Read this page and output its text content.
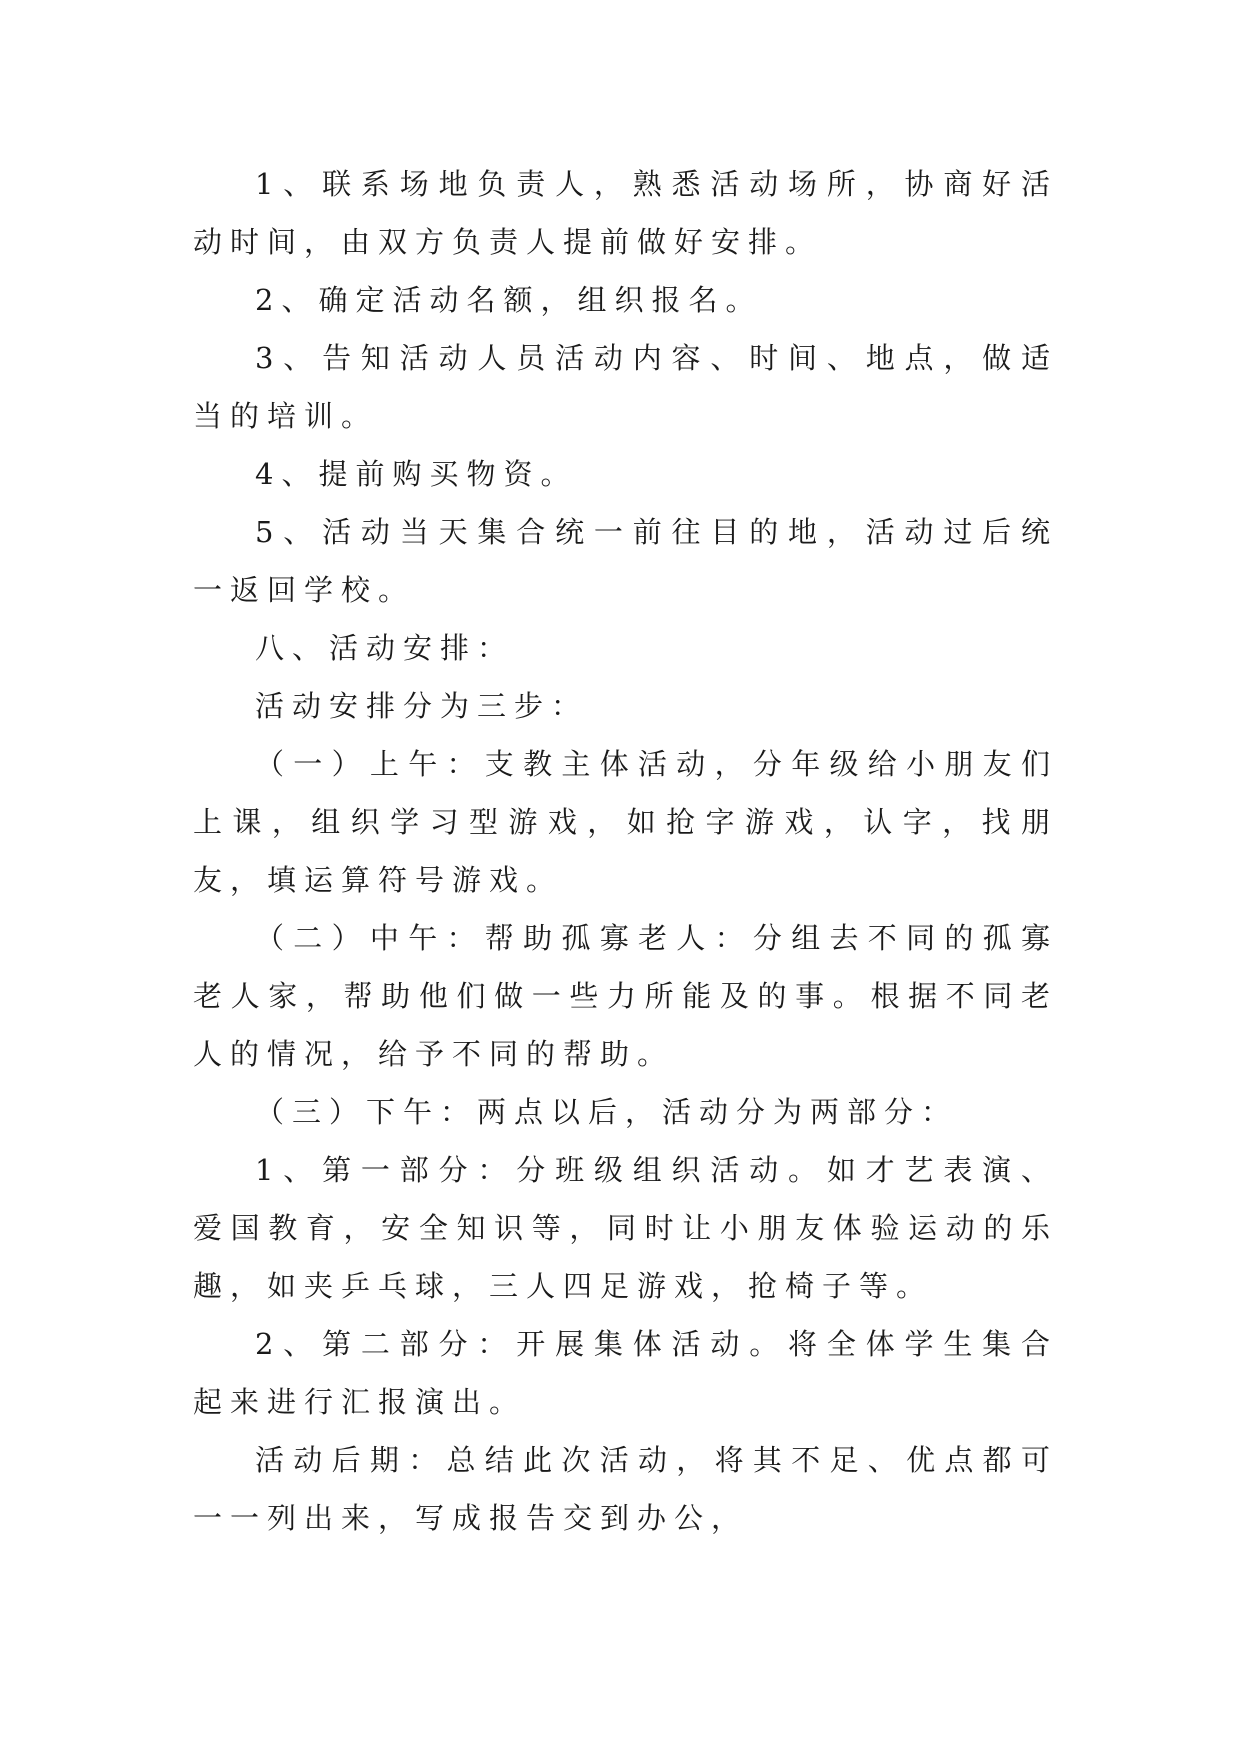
1、联系场地负责人，熟悉活动场所，协商好活动时间，由双方负责人提前做好安排。

2、确定活动名额，组织报名。

3、告知活动人员活动内容、时间、地点，做适当的培训。

4、提前购买物资。

5、活动当天集合统一前往目的地，活动过后统一返回学校。

八、活动安排：

活动安排分为三步：

（一）上午：支教主体活动，分年级给小朋友们上课，组织学习型游戏，如抢字游戏，认字，找朋友，填运算符号游戏。

（二）中午：帮助孤寡老人：分组去不同的孤寡老人家，帮助他们做一些力所能及的事。根据不同老人的情况，给予不同的帮助。

（三）下午：两点以后，活动分为两部分：

1、第一部分：分班级组织活动。如才艺表演、爱国教育，安全知识等，同时让小朋友体验运动的乐趣，如夹乒乓球，三人四足游戏，抢椅子等。

2、第二部分：开展集体活动。将全体学生集合起来进行汇报演出。

活动后期：总结此次活动，将其不足、优点都可一一列出来，写成报告交到办公，
